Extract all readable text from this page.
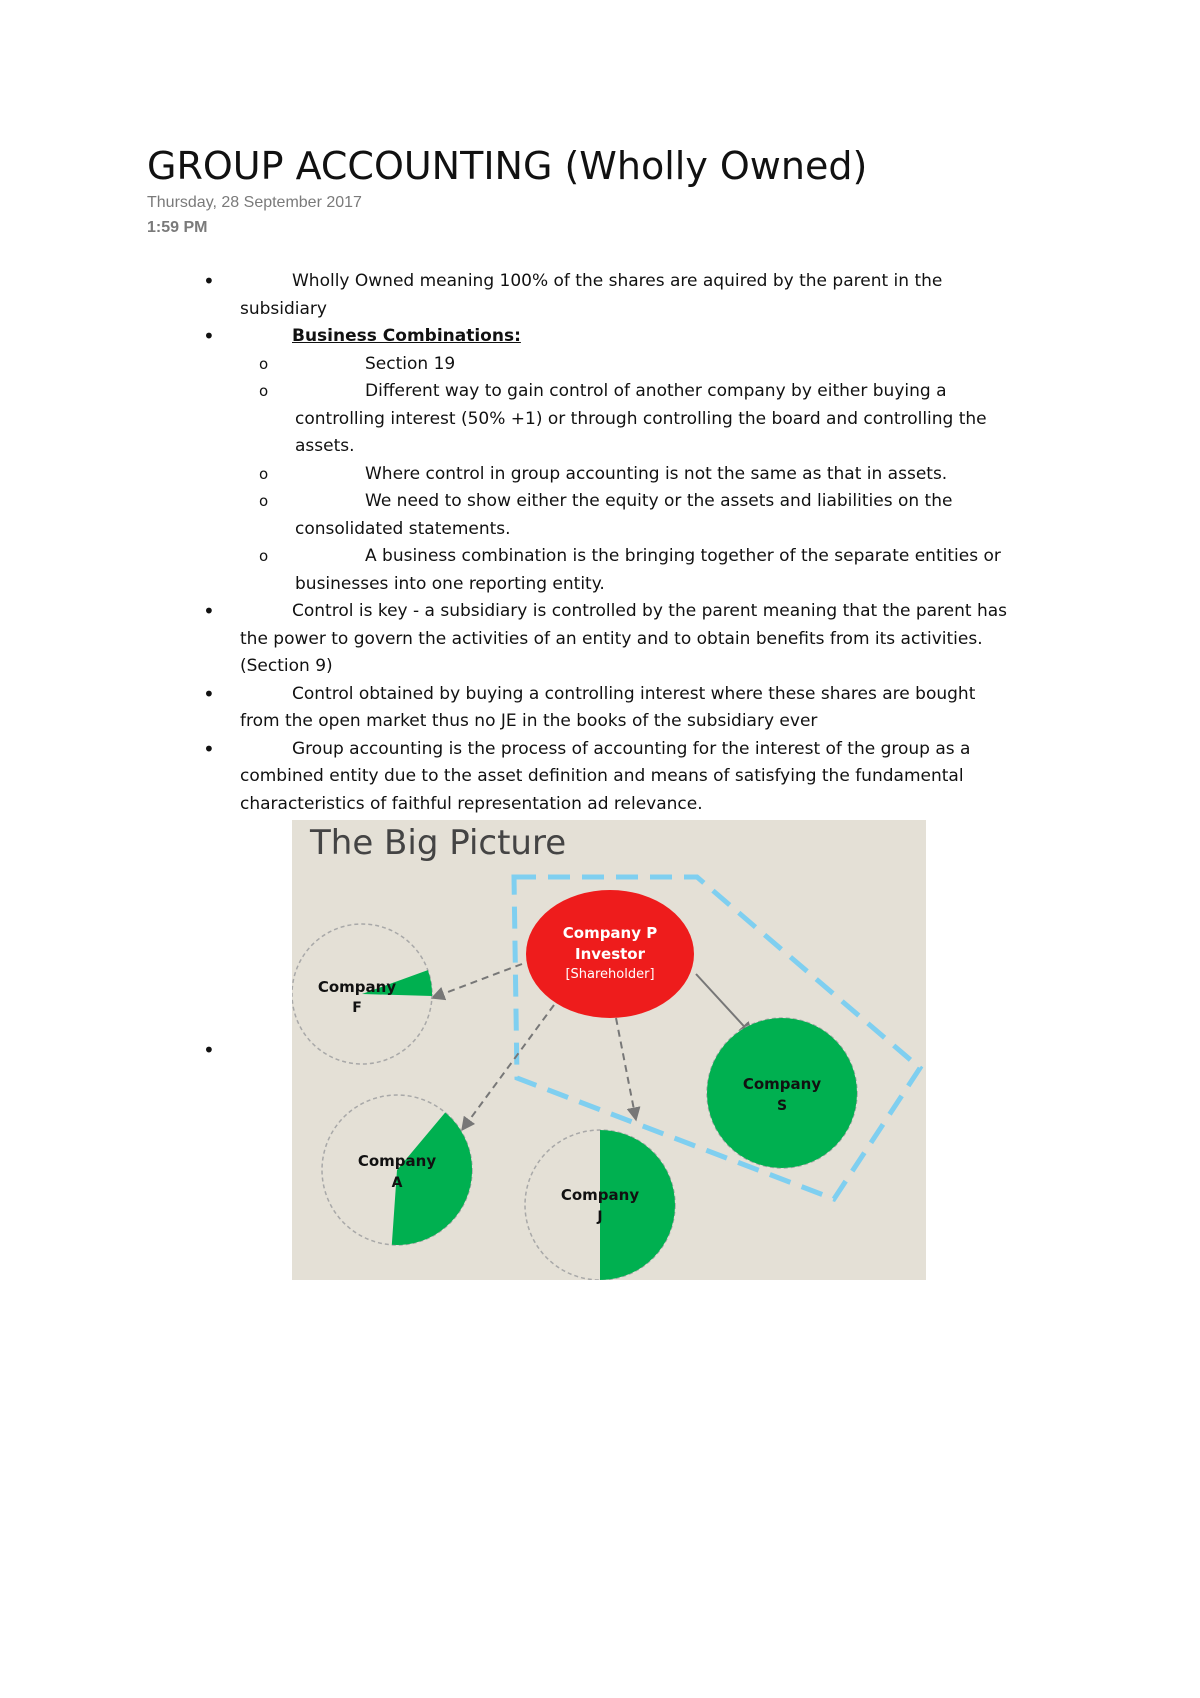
GROUP ACCOUNTING (Wholly Owned)
Thursday, 28 September 2017
1:59 PM
•	Wholly Owned meaning 100% of the shares are aquired by the parent in the
subsidiary
•	Business Combinations:
o	Section 19
o	Different way to gain control of another company by either buying a
controlling interest (50% +1) or through controlling the board and controlling the
assets.
o	Where control in group accounting is not the same as that in assets.
o	We need to show either the equity or the assets and liabilities on the
consolidated statements.
o	A business combination is the bringing together of the separate entities or
businesses into one reporting entity.
•	Control is key - a subsidiary is controlled by the parent meaning that the parent has
the power to govern the activities of an entity and to obtain benefits from its activities.
(Section 9)
•	Control obtained by buying a controlling interest where these shares are bought
from the open market thus no JE in the books of the subsidiary ever
•	Group accounting is the process of accounting for the interest of the group as a
combined entity due to the asset definition and means of satisfying the fundamental
characteristics of faithful representation ad relevance.
•
The Big Picture
Company P
Investor
[Shareholder]
Company
F
Company
S
Company
A
Company
J
